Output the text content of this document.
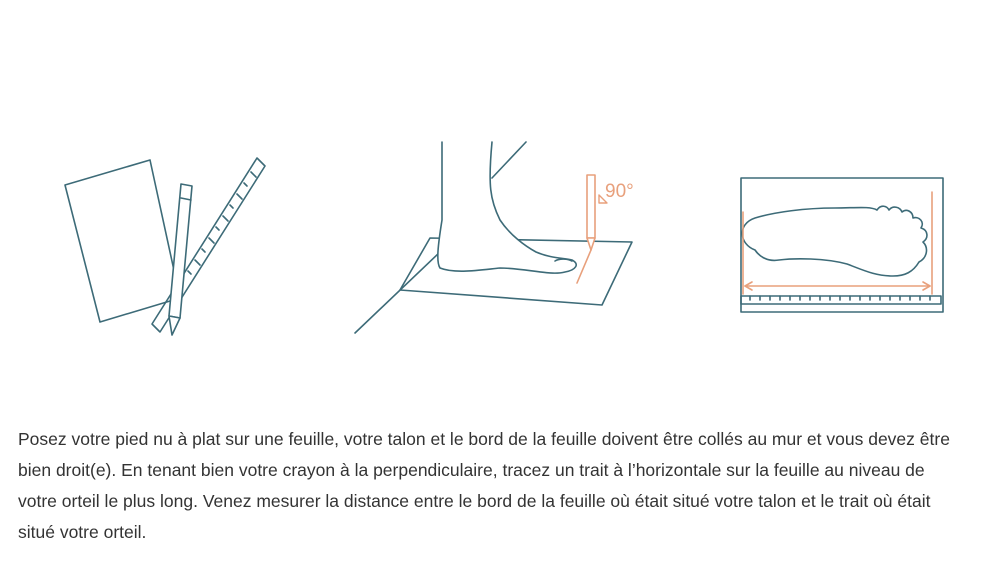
90°

Posez votre pied nu à plat sur une feuille, votre talon et le bord de la feuille doivent être collés au mur et vous devez être bien droit(e). En tenant bien votre crayon à la perpendiculaire, tracez un trait à l’horizontale sur la feuille au niveau de votre orteil le plus long. Venez mesurer la distance entre le bord de la feuille où était situé votre talon et le trait où était situé votre orteil.
